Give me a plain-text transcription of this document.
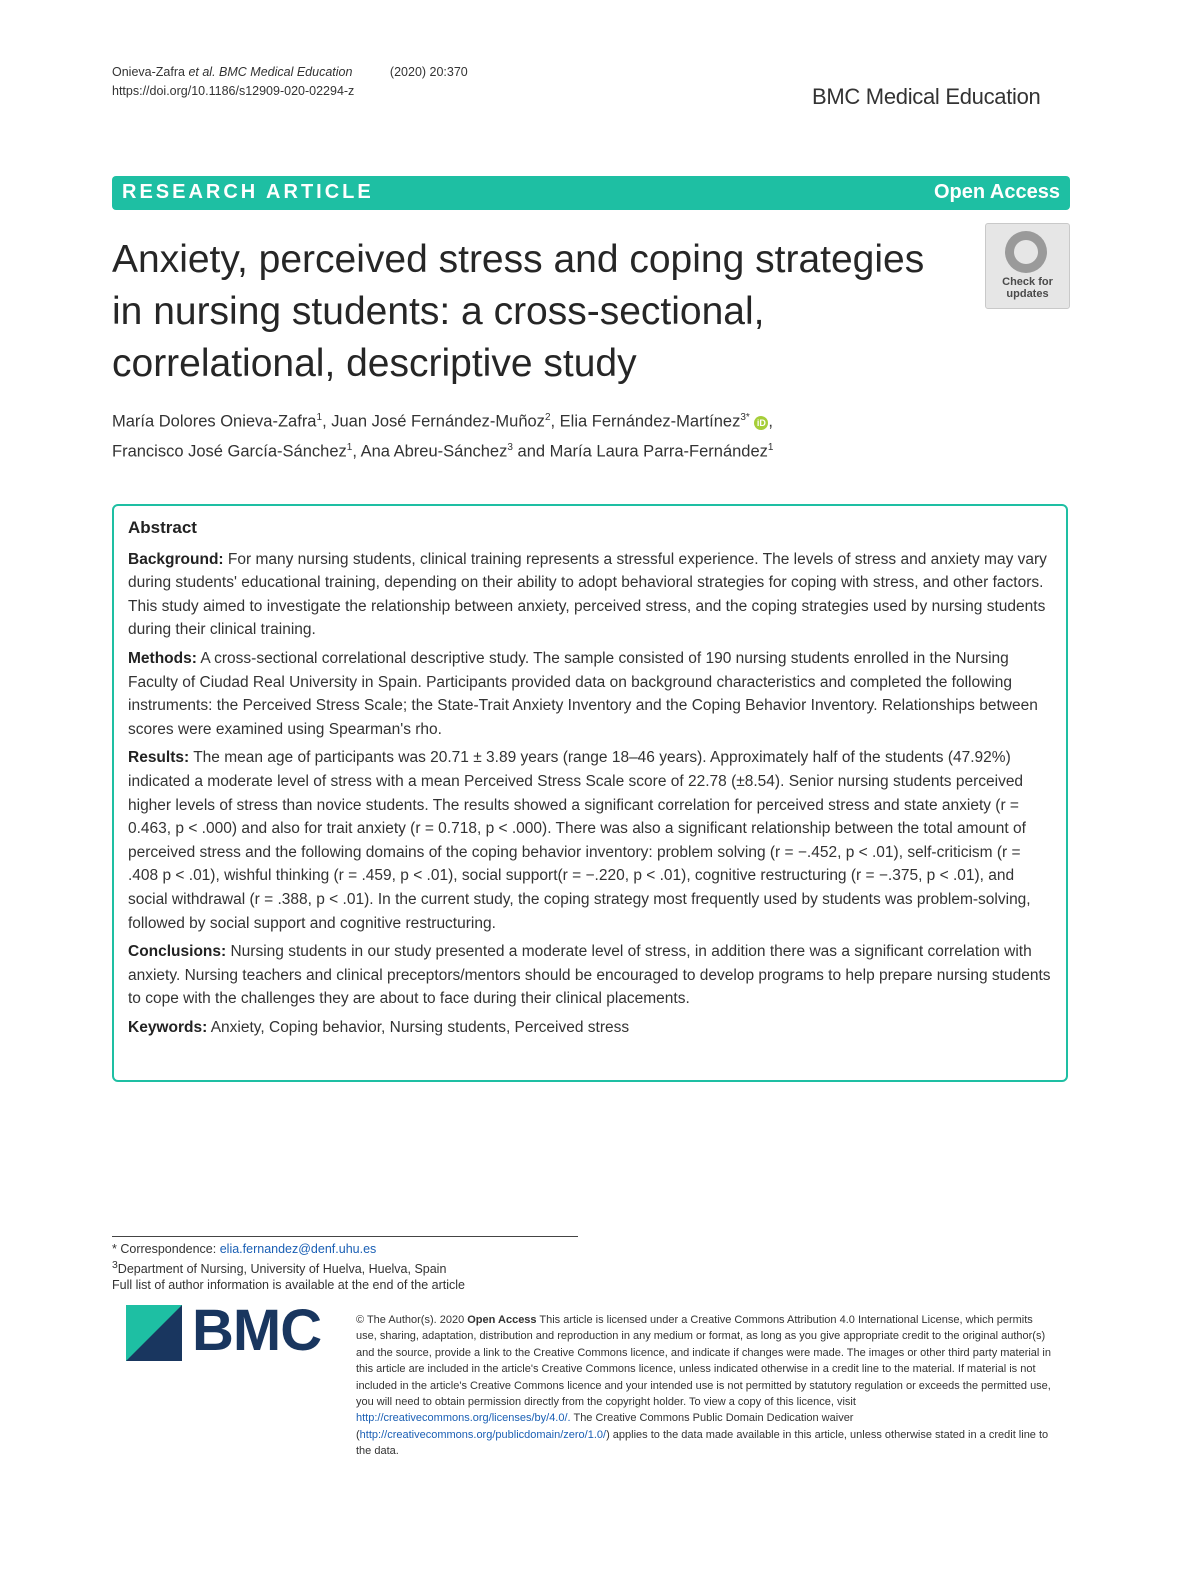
Onieva-Zafra et al. BMC Medical Education	(2020) 20:370
https://doi.org/10.1186/s12909-020-02294-z	BMC Medical Education
RESEARCH ARTICLE	Open Access
Anxiety, perceived stress and coping strategies in nursing students: a cross-sectional, correlational, descriptive study
Check for updates
María Dolores Onieva-Zafra$^1$, Juan José Fernández-Muñoz$^2$, Elia Fernández-Martínez$^{3*}$ iD ,
Francisco José García-Sánchez$^1$, Ana Abreu-Sánchez$^3$ and María Laura Parra-Fernández$^1$
Abstract

Background: For many nursing students, clinical training represents a stressful experience. The levels of stress and anxiety may vary during students' educational training, depending on their ability to adopt behavioral strategies for coping with stress, and other factors. This study aimed to investigate the relationship between anxiety, perceived stress, and the coping strategies used by nursing students during their clinical training.

Methods: A cross-sectional correlational descriptive study. The sample consisted of 190 nursing students enrolled in the Nursing Faculty of Ciudad Real University in Spain. Participants provided data on background characteristics and completed the following instruments: the Perceived Stress Scale; the State-Trait Anxiety Inventory and the Coping Behavior Inventory. Relationships between scores were examined using Spearman's rho.

Results: The mean age of participants was 20.71 ± 3.89 years (range 18–46 years). Approximately half of the students (47.92%) indicated a moderate level of stress with a mean Perceived Stress Scale score of 22.78 (±8.54). Senior nursing students perceived higher levels of stress than novice students. The results showed a significant correlation for perceived stress and state anxiety (r = 0.463, p < .000) and also for trait anxiety (r = 0.718, p < .000). There was also a significant relationship between the total amount of perceived stress and the following domains of the coping behavior inventory: problem solving (r = −.452, p < .01), self-criticism (r = .408 p < .01), wishful thinking (r = .459, p < .01), social support(r = −.220, p < .01), cognitive restructuring (r = −.375, p < .01), and social withdrawal (r = .388, p < .01). In the current study, the coping strategy most frequently used by students was problem-solving, followed by social support and cognitive restructuring.

Conclusions: Nursing students in our study presented a moderate level of stress, in addition there was a significant correlation with anxiety. Nursing teachers and clinical preceptors/mentors should be encouraged to develop programs to help prepare nursing students to cope with the challenges they are about to face during their clinical placements.

Keywords: Anxiety, Coping behavior, Nursing students, Perceived stress

* Correspondence: elia.fernandez@denf.uhu.es
$^3$Department of Nursing, University of Huelva, Huelva, Spain
Full list of author information is available at the end of the article
BMC	© The Author(s). 2020 Open Access This article is licensed under a Creative Commons Attribution 4.0 International License, which permits use, sharing, adaptation, distribution and reproduction in any medium or format, as long as you give appropriate credit to the original author(s) and the source, provide a link to the Creative Commons licence, and indicate if changes were made. The images or other third party material in this article are included in the article's Creative Commons licence, unless indicated otherwise in a credit line to the material. If material is not included in the article's Creative Commons licence and your intended use is not permitted by statutory regulation or exceeds the permitted use, you will need to obtain permission directly from the copyright holder. To view a copy of this licence, visit http://creativecommons.org/licenses/by/4.0/. The Creative Commons Public Domain Dedication waiver (http://creativecommons.org/publicdomain/zero/1.0/) applies to the data made available in this article, unless otherwise stated in a credit line to the data.
